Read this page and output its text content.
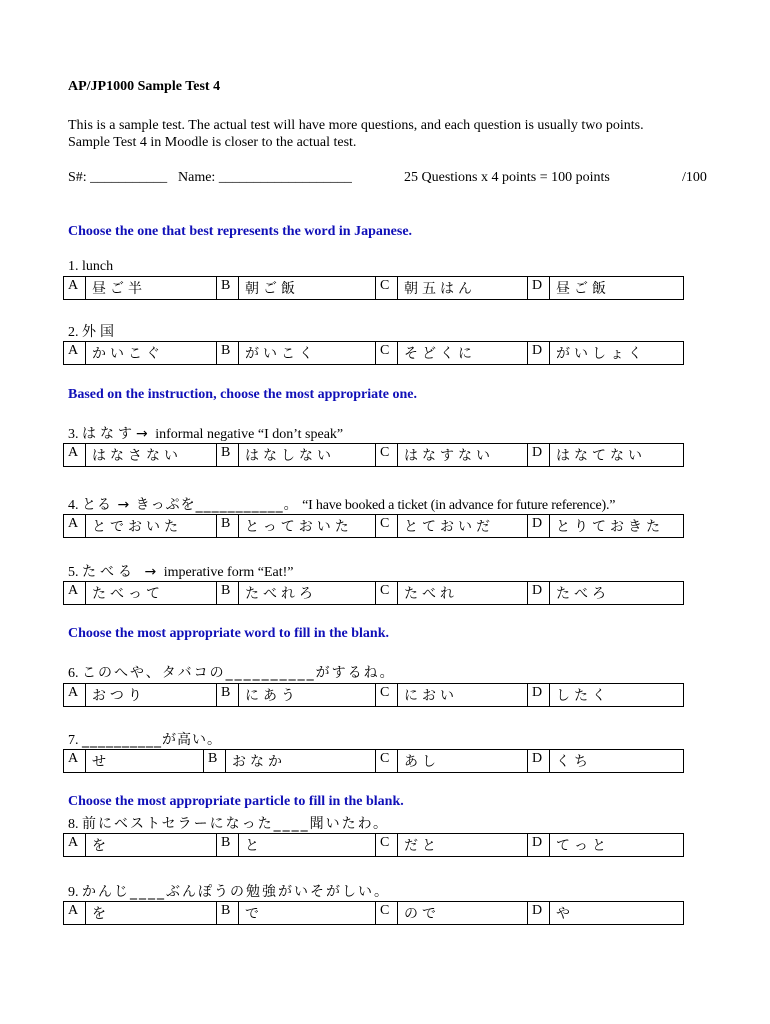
AP/JP1000 Sample Test 4
This is a sample test. The actual test will have more questions, and each question is usually two points.
Sample Test 4 in Moodle is closer to the actual test.
S#: ___________ Name: ___________________	25 Questions x 4 points = 100 points	/100
Choose the one that best represents the word in Japanese.
1. lunch
A	昼ご半	B	朝ご飯	C	朝五はん	D	昼ご飯
2. 外国
A	かいこぐ	B	がいこく	C	そどくに	D	がいしょく
Based on the instruction, choose the most appropriate one.
3. はなす→ informal negative “I don’t speak”
A	はなさない	B	はなしない	C	はなすない	D	はなてない
4. とる → きっぷを___________。 “I have booked a ticket (in advance for future reference).”
A	とでおいた	B	とっておいた	C	とておいだ	D	とりておきた
5. たべる → imperative form “Eat!”
A	たべって	B	たべれろ	C	たべれ	D	たべろ
Choose the most appropriate word to fill in the blank.
6. このへや、タバコの__________がするね。
A	おつり	B	にあう	C	におい	D	したく
7. __________が高い。
A	せ	B	おなか	C	あし	D	くち
Choose the most appropriate particle to fill in the blank.
8. 前にベストセラーになった____聞いたわ。
A	を	B	と	C	だと	D	てっと
9. かんじ____ぶんぽうの勉強がいそがしい。
A	を	B	で	C	ので	D	や
